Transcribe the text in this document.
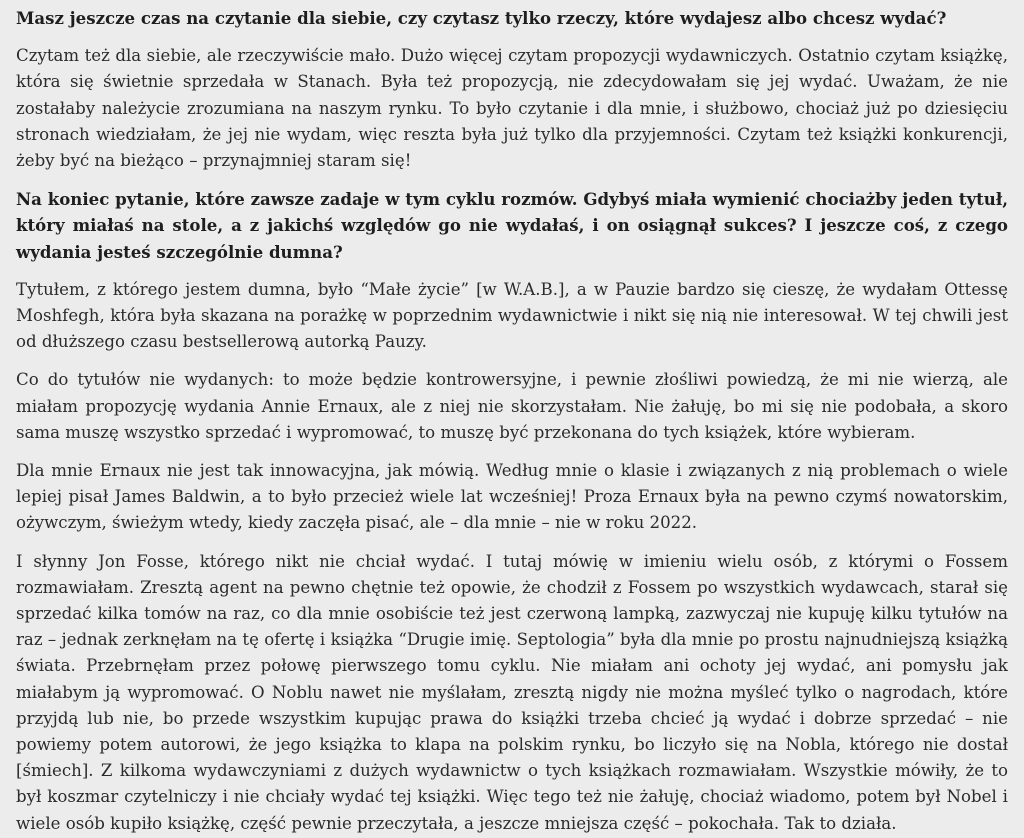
Masz jeszcze czas na czytanie dla siebie, czy czytasz tylko rzeczy, które wydajesz albo chcesz wydać?

Czytam też dla siebie, ale rzeczywiście mało. Dużo więcej czytam propozycji wydawniczych. Ostatnio czytam książkę, która się świetnie sprzedała w Stanach. Była też propozycją, nie zdecydowałam się jej wydać. Uważam, że nie zostałaby należycie zrozumiana na naszym rynku. To było czytanie i dla mnie, i służbowo, chociaż już po dziesięciu stronach wiedziałam, że jej nie wydam, więc reszta była już tylko dla przyjemności. Czytam też książki konkurencji, żeby być na bieżąco – przynajmniej staram się!

Na koniec pytanie, które zawsze zadaje w tym cyklu rozmów. Gdybyś miała wymienić chociażby jeden tytuł, który miałaś na stole, a z jakichś względów go nie wydałaś, i on osiągnął sukces? I jeszcze coś, z czego wydania jesteś szczególnie dumna?

Tytułem, z którego jestem dumna, było “Małe życie” [w W.A.B.], a w Pauzie bardzo się cieszę, że wydałam Ottessę Moshfegh, która była skazana na porażkę w poprzednim wydawnictwie i nikt się nią nie interesował. W tej chwili jest od dłuższego czasu bestsellerową autorką Pauzy.

Co do tytułów nie wydanych: to może będzie kontrowersyjne, i pewnie złośliwi powiedzą, że mi nie wierzą, ale miałam propozycję wydania Annie Ernaux, ale z niej nie skorzystałam. Nie żałuję, bo mi się nie podobała, a skoro sama muszę wszystko sprzedać i wypromować, to muszę być przekonana do tych książek, które wybieram.

Dla mnie Ernaux nie jest tak innowacyjna, jak mówią. Według mnie o klasie i związanych z nią problemach o wiele lepiej pisał James Baldwin, a to było przecież wiele lat wcześniej! Proza Ernaux była na pewno czymś nowatorskim, ożywczym, świeżym wtedy, kiedy zaczęła pisać, ale – dla mnie – nie w roku 2022.

I słynny Jon Fosse, którego nikt nie chciał wydać. I tutaj mówię w imieniu wielu osób, z którymi o Fossem rozmawiałam. Zresztą agent na pewno chętnie też opowie, że chodził z Fossem po wszystkich wydawcach, starał się sprzedać kilka tomów na raz, co dla mnie osobiście też jest czerwoną lampką, zazwyczaj nie kupuję kilku tytułów na raz – jednak zerknęłam na tę ofertę i książka “Drugie imię. Septologia” była dla mnie po prostu najnudniejszą książką świata. Przebrnęłam przez połowę pierwszego tomu cyklu. Nie miałam ani ochoty jej wydać, ani pomysłu jak miałabym ją wypromować. O Noblu nawet nie myślałam, zresztą nigdy nie można myśleć tylko o nagrodach, które przyjdą lub nie, bo przede wszystkim kupując prawa do książki trzeba chcieć ją wydać i dobrze sprzedać – nie powiemy potem autorowi, że jego książka to klapa na polskim rynku, bo liczyło się na Nobla, którego nie dostał [śmiech]. Z kilkoma wydawczyniami z dużych wydawnictw o tych książkach rozmawiałam. Wszystkie mówiły, że to był koszmar czytelniczy i nie chciały wydać tej książki. Więc tego też nie żałuję, chociaż wiadomo, potem był Nobel i wiele osób kupiło książkę, część pewnie przeczytała, a jeszcze mniejsza część – pokochała. Tak to działa.
